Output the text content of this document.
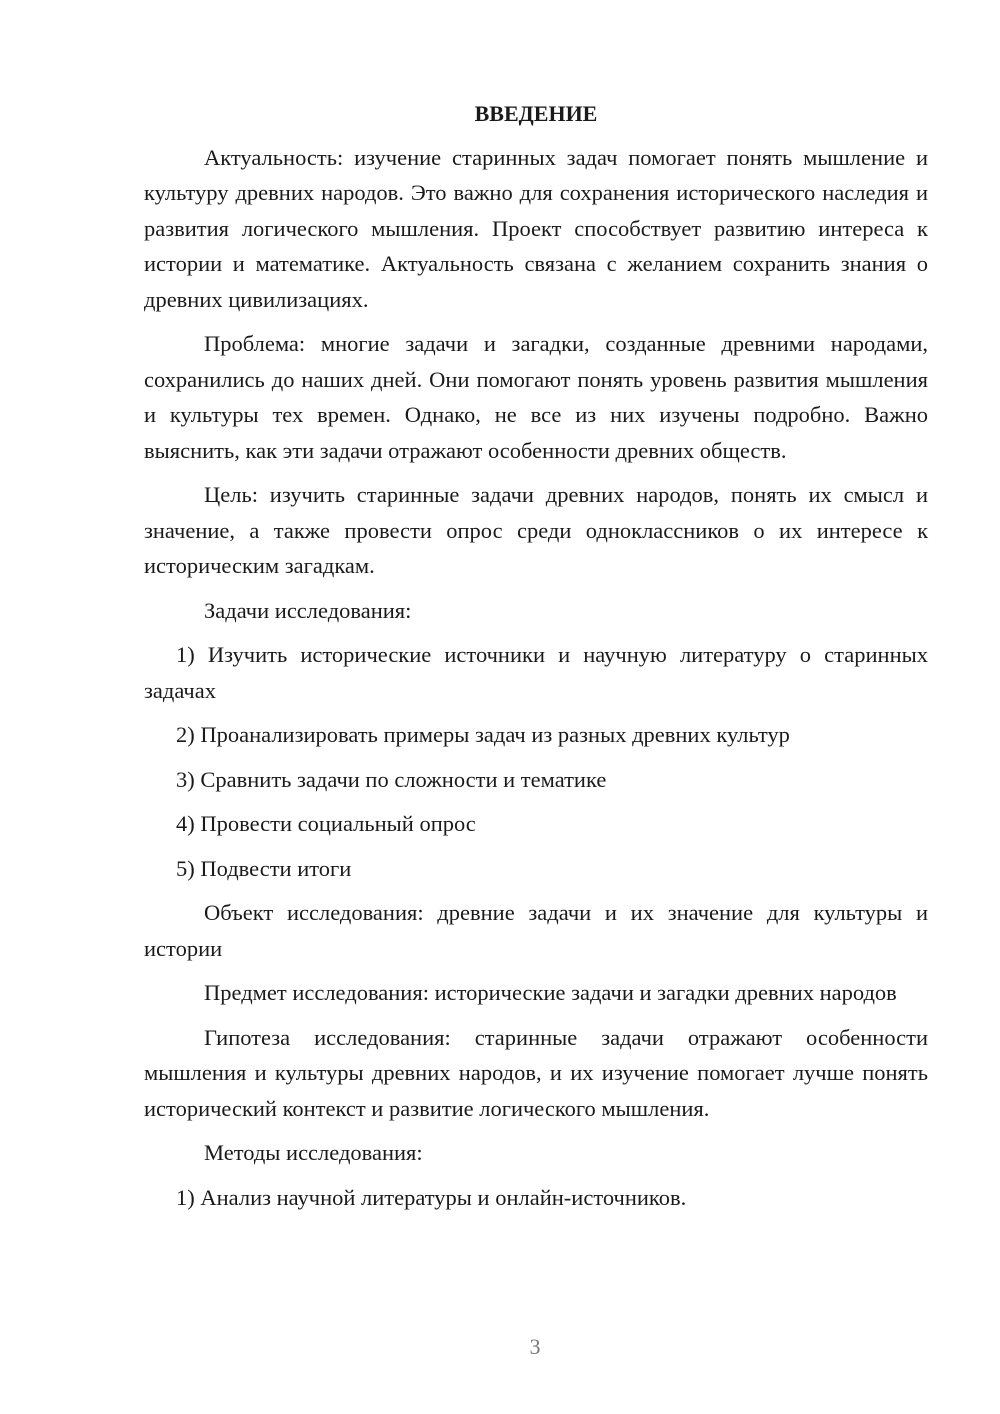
ВВЕДЕНИЕ

Актуальность: изучение старинных задач помогает понять мышление и культуру древних народов. Это важно для сохранения исторического наследия и развития логического мышления. Проект способствует развитию интереса к истории и математике. Актуальность связана с желанием сохранить знания о древних цивилизациях.

Проблема: многие задачи и загадки, созданные древними народами, сохранились до наших дней. Они помогают понять уровень развития мышления и культуры тех времен. Однако, не все из них изучены подробно. Важно выяснить, как эти задачи отражают особенности древних обществ.

Цель: изучить старинные задачи древних народов, понять их смысл и значение, а также провести опрос среди одноклассников о их интересе к историческим загадкам.

Задачи исследования:

1) Изучить исторические источники и научную литературу о старинных задачах

2) Проанализировать примеры задач из разных древних культур

3) Сравнить задачи по сложности и тематике

4) Провести социальный опрос

5) Подвести итоги

Объект исследования: древние задачи и их значение для культуры и истории

Предмет исследования: исторические задачи и загадки древних народов

Гипотеза исследования: старинные задачи отражают особенности мышления и культуры древних народов, и их изучение помогает лучше понять исторический контекст и развитие логического мышления.

Методы исследования:

1) Анализ научной литературы и онлайн-источников.

3
